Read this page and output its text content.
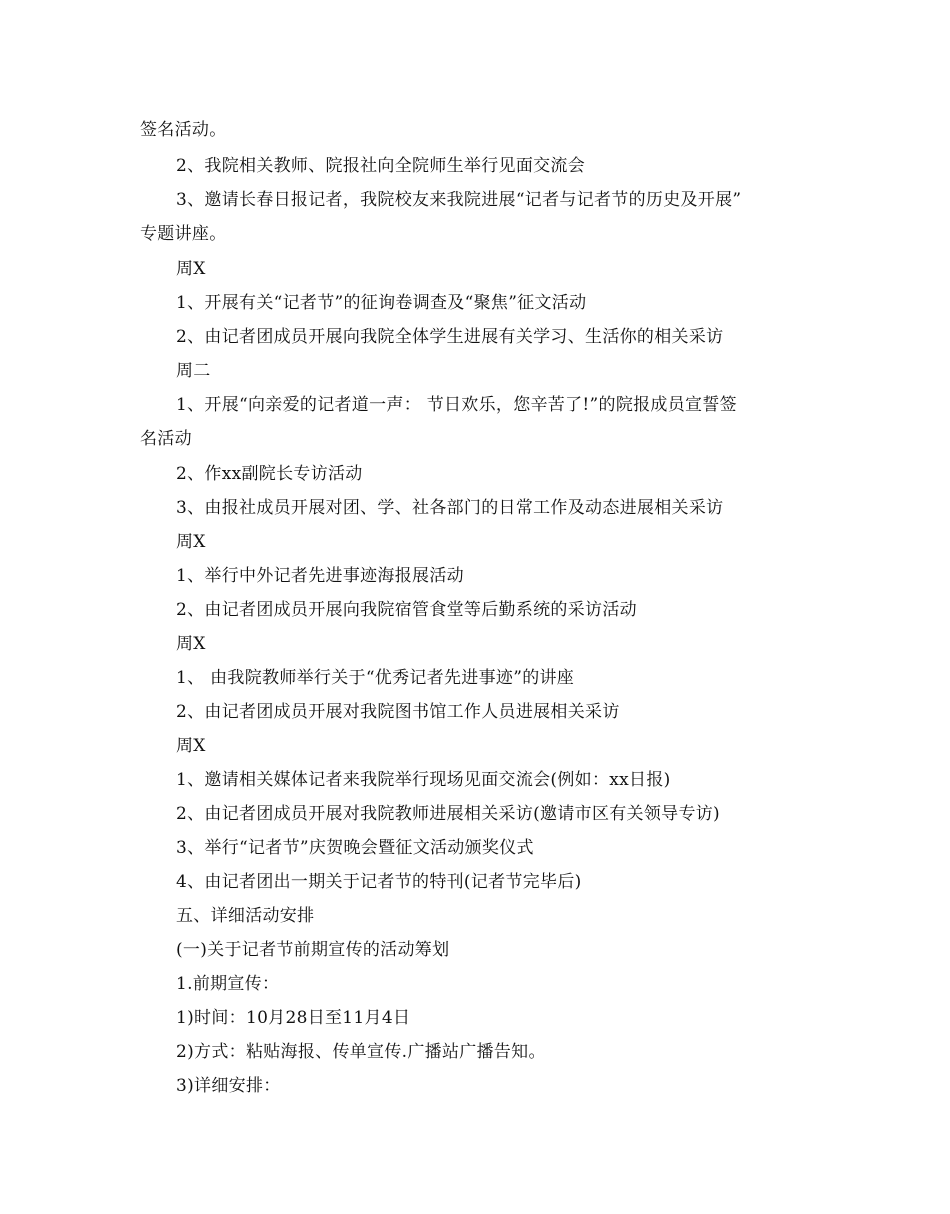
签名活动。
2、我院相关教师、院报社向全院师生举行见面交流会
3、邀请长春日报记者，我院校友来我院进展“记者与记者节的历史及开展”
专题讲座。
周X
1、开展有关“记者节”的征询卷调查及“聚焦”征文活动
2、由记者团成员开展向我院全体学生进展有关学习、生活你的相关采访
周二
1、开展“向亲爱的记者道一声： 节日欢乐，您辛苦了!”的院报成员宣誓签
名活动
2、作xx副院长专访活动
3、由报社成员开展对团、学、社各部门的日常工作及动态进展相关采访
周X
1、举行中外记者先进事迹海报展活动
2、由记者团成员开展向我院宿管食堂等后勤系统的采访活动
周X
1、 由我院教师举行关于“优秀记者先进事迹”的讲座
2、由记者团成员开展对我院图书馆工作人员进展相关采访
周X
1、邀请相关媒体记者来我院举行现场见面交流会(例如：xx日报)
2、由记者团成员开展对我院教师进展相关采访(邀请市区有关领导专访)
3、举行“记者节”庆贺晚会暨征文活动颁奖仪式
4、由记者团出一期关于记者节的特刊(记者节完毕后)
五、详细活动安排
(一)关于记者节前期宣传的活动筹划
1.前期宣传：
1)时间：10月28日至11月4日
2)方式：粘贴海报、传单宣传.广播站广播告知。
3)详细安排：
